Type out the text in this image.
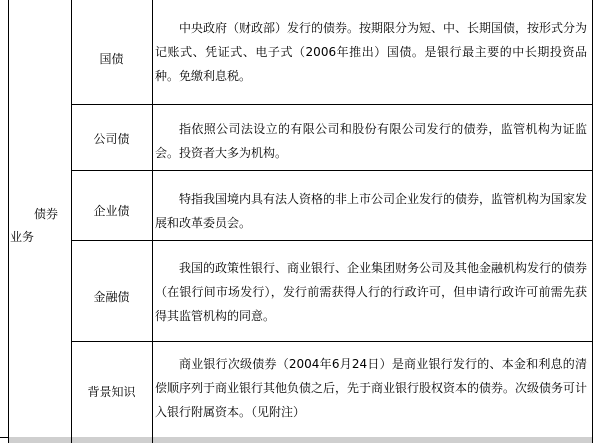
债券
业务
国债
中央政府（财政部）发行的债券。按期限分为短、中、长期国债，按形式分为记账式、凭证式、电子式（2006年推出）国债。是银行最主要的中长期投资品种。免缴利息税。
公司债
指依照公司法设立的有限公司和股份有限公司发行的债券，监管机构为证监会。投资者大多为机构。
企业债
特指我国境内具有法人资格的非上市公司企业发行的债券，监管机构为国家发展和改革委员会。
金融债
我国的政策性银行、商业银行、企业集团财务公司及其他金融机构发行的债券（在银行间市场发行），发行前需获得人行的行政许可，但申请行政许可前需先获得其监管机构的同意。
背景知识
商业银行次级债券（2004年6月24日）是商业银行发行的、本金和利息的清偿顺序列于商业银行其他负债之后，先于商业银行股权资本的债券。次级债务可计入银行附属资本。（见附注）
